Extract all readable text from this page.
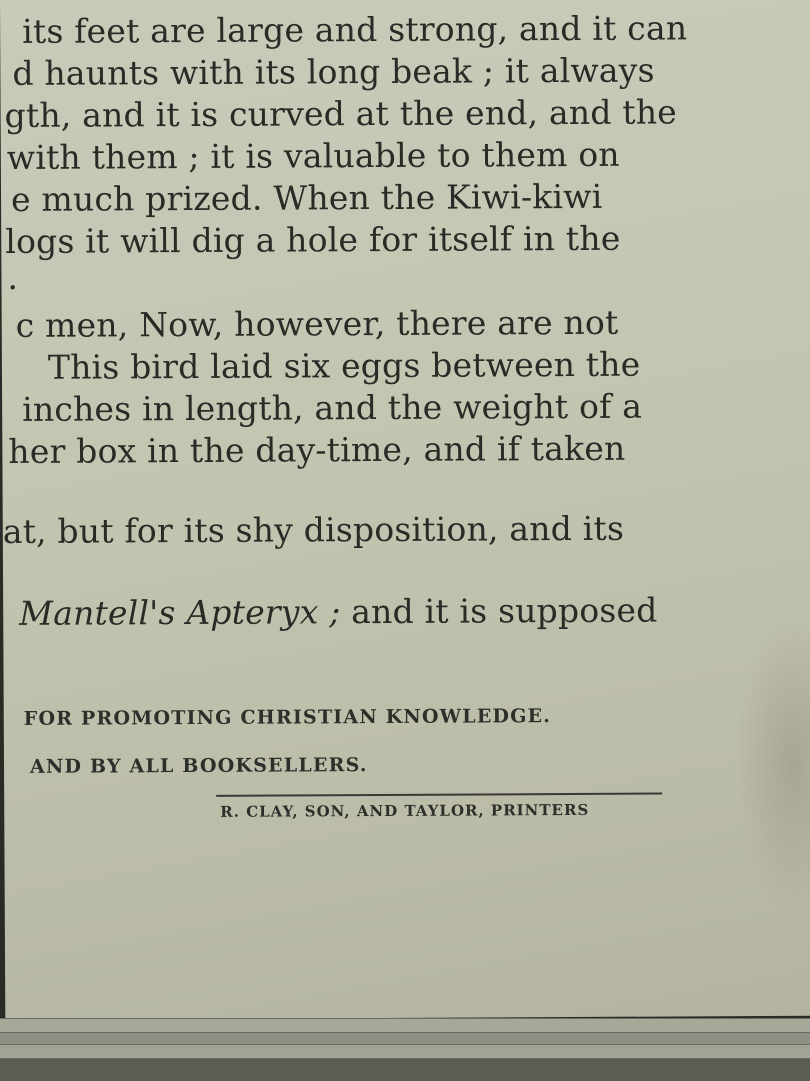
its feet are large and strong, and it can
d haunts with its long beak ; it always
gth, and it is curved at the end, and the
with them ; it is valuable to them on
e much prized. When the Kiwi-kiwi
logs it will dig a hole for itself in the
.
c men, Now, however, there are not
This bird laid six eggs between the
inches in length, and the weight of a
her box in the day-time, and if taken
at, but for its shy disposition, and its
Mantell's Apteryx ; and it is supposed
FOR PROMOTING CHRISTIAN KNOWLEDGE.
AND BY ALL BOOKSELLERS.
R. CLAY, SON, AND TAYLOR, PRINTERS
